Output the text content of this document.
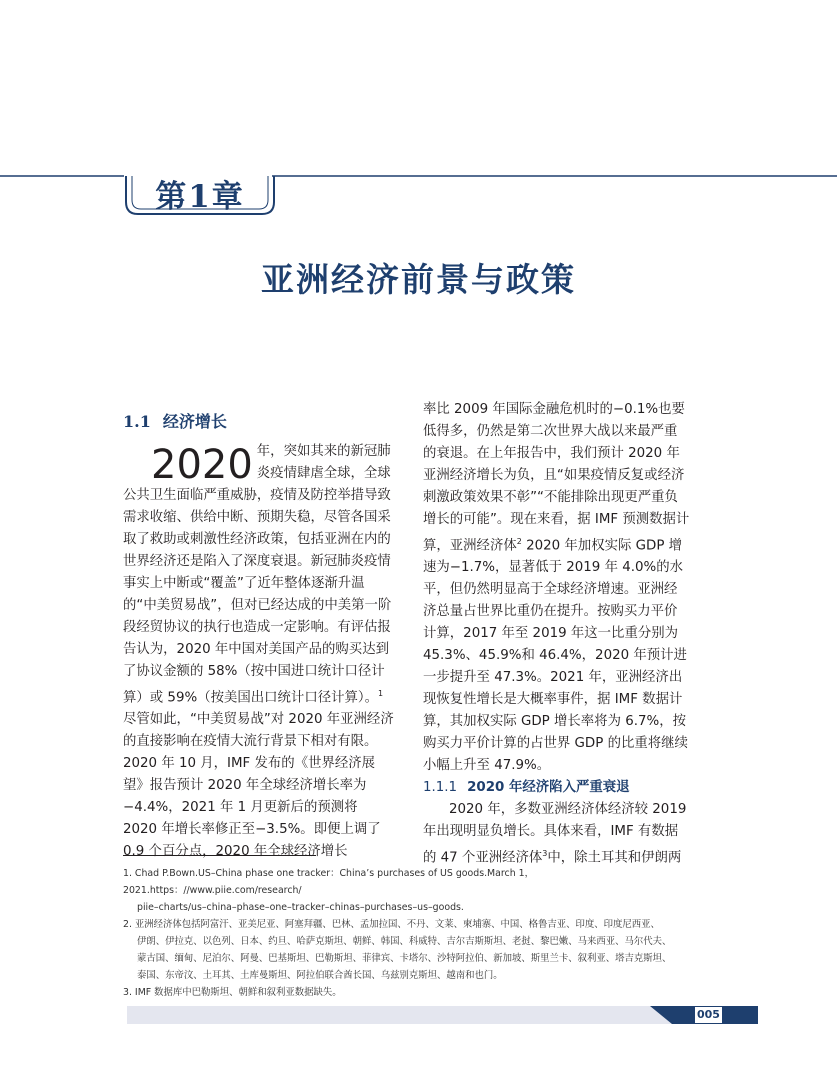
第1章
亚洲经济前景与政策
1.1 经济增长

2020 年，突如其来的新冠肺炎疫情肆虐全球，全球公共卫生面临严重威胁，疫情及防控举措导致需求收缩、供给中断、预期失稳，尽管各国采取了救助或刺激性经济政策，包括亚洲在内的世界经济还是陷入了深度衰退。新冠肺炎疫情事实上中断或“覆盖”了近年整体逐渐升温的“中美贸易战”，但对已经达成的中美第一阶段经贸协议的执行也造成一定影响。有评估报告认为，2020 年中国对美国产品的购买达到了协议金额的 58%（按中国进口统计口径计算）或 59%（按美国出口统计口径计算）。$^1$尽管如此，“中美贸易战”对 2020 年亚洲经济的直接影响在疫情大流行背景下相对有限。2020 年 10 月，IMF 发布的《世界经济展望》报告预计 2020 年全球经济增长率为−4.4%，2021 年 1 月更新后的预测将 2020 年增长率修正至−3.5%。即便上调了 0.9 个百分点，2020 年全球经济增长

率比 2009 年国际金融危机时的−0.1%也要低得多，仍然是第二次世界大战以来最严重的衰退。在上年报告中，我们预计 2020 年亚洲经济增长为负，且“如果疫情反复或经济刺激政策效果不彰”“不能排除出现更严重负增长的可能”。现在来看，据 IMF 预测数据计算，亚洲经济体$^2$ 2020 年加权实际 GDP 增速为−1.7%，显著低于 2019 年 4.0%的水平，但仍然明显高于全球经济增速。亚洲经济总量占世界比重仍在提升。按购买力平价计算，2017 年至 2019 年这一比重分别为 45.3%、45.9%和 46.4%，2020 年预计进一步提升至 47.3%。2021 年，亚洲经济出现恢复性增长是大概率事件，据 IMF 数据计算，其加权实际 GDP 增长率将为 6.7%，按购买力平价计算的占世界 GDP 的比重将继续小幅上升至 47.9%。

1.1.1 2020 年经济陷入严重衰退

2020 年，多数亚洲经济体经济较 2019 年出现明显负增长。具体来看，IMF 有数据的 47 个亚洲经济体$^3$中，除土耳其和伊朗两

1. Chad P.Bown.US–China phase one tracker：China’s purchases of US goods.March 1，2021.https：//www.piie.com/research/

piie–charts/us–china–phase–one–tracker–chinas–purchases–us–goods.

2. 亚洲经济体包括阿富汗、亚美尼亚、阿塞拜疆、巴林、孟加拉国、不丹、文莱、柬埔寨、中国、格鲁吉亚、印度、印度尼西亚、

伊朗、伊拉克、以色列、日本、约旦、哈萨克斯坦、朝鲜、韩国、科威特、吉尔吉斯斯坦、老挝、黎巴嫩、马来西亚、马尔代夫、

蒙古国、缅甸、尼泊尔、阿曼、巴基斯坦、巴勒斯坦、菲律宾、卡塔尔、沙特阿拉伯、新加坡、斯里兰卡、叙利亚、塔吉克斯坦、

泰国、东帝汶、土耳其、土库曼斯坦、阿拉伯联合酋长国、乌兹别克斯坦、越南和也门。

3. IMF 数据库中巴勒斯坦、朝鲜和叙利亚数据缺失。

005
